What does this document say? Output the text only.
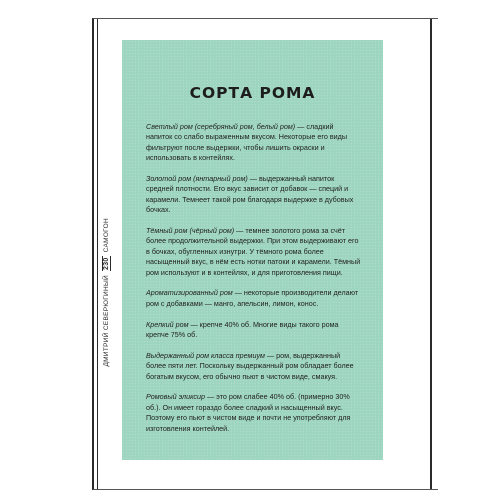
САМОГОН
230
ДМИТРИЙ СЕВЕРЮГИНЫЙ
СОРТА РОМА

Светлый ром (серебряный ром, белый ром) — сладкий напиток со слабо выраженным вкусом. Некоторые его виды фильтруют после выдержки, чтобы лишить окраски и использовать в контейлях.

Золотой ром (янтарный ром) — выдержанный напиток средней плотности. Его вкус зависит от добавок — специй и карамели. Темнеет такой ром благодаря выдержке в дубовых бочках.

Тёмный ром (чёрный ром) — темнее золотого рома за счёт более продолжительной выдержки. При этом выдерживают его в бочках, обугленных изнутри. У тёмного рома более насыщенный вкус, в нём есть нотки патоки и карамели. Тёмный ром используют и в контейлях, и для приготовления пищи.

Ароматизированный ром — некоторые производители делают ром с добавками — манго, апельсин, лимон, конос.

Крепкий ром — крепче 40% об. Многие виды такого рома крепче 75% об.

Выдержанный ром класса премиум — ром, выдержанный более пяти лет. Поскольку выдержанный ром обладает более богатым вкусом, его обычно пьют в чистом виде, смакуя.

Ромовый эликсир — это ром слабее 40% об. (примерно 30% об.). Он имеет гораздо более сладкий и насыщенный вкус. Поэтому его пьют в чистом виде и почти не употребляют для изготовления контейлей.
